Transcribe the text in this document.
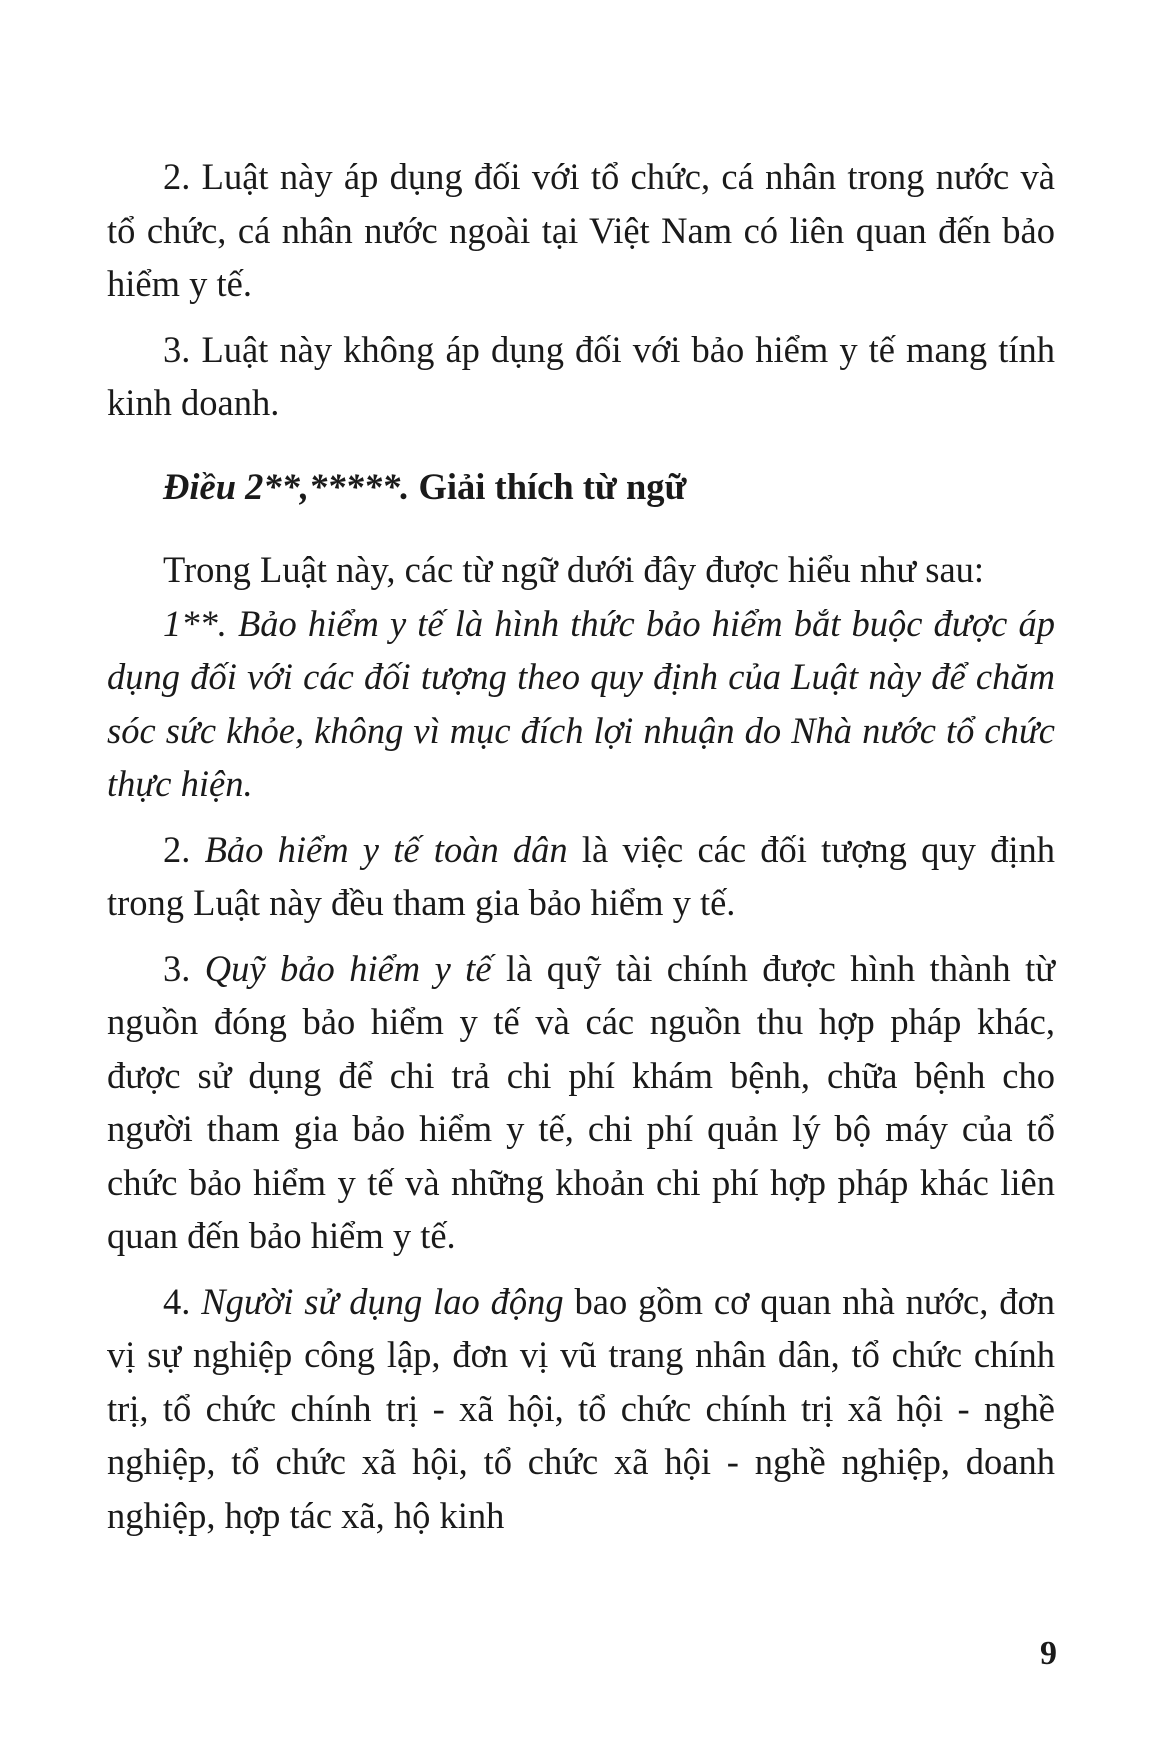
2. Luật này áp dụng đối với tổ chức, cá nhân trong nước và tổ chức, cá nhân nước ngoài tại Việt Nam có liên quan đến bảo hiểm y tế.

3. Luật này không áp dụng đối với bảo hiểm y tế mang tính kinh doanh.

Điều 2**,*****. Giải thích từ ngữ

Trong Luật này, các từ ngữ dưới đây được hiểu như sau:

1**. Bảo hiểm y tế là hình thức bảo hiểm bắt buộc được áp dụng đối với các đối tượng theo quy định của Luật này để chăm sóc sức khỏe, không vì mục đích lợi nhuận do Nhà nước tổ chức thực hiện.

2. Bảo hiểm y tế toàn dân là việc các đối tượng quy định trong Luật này đều tham gia bảo hiểm y tế.

3. Quỹ bảo hiểm y tế là quỹ tài chính được hình thành từ nguồn đóng bảo hiểm y tế và các nguồn thu hợp pháp khác, được sử dụng để chi trả chi phí khám bệnh, chữa bệnh cho người tham gia bảo hiểm y tế, chi phí quản lý bộ máy của tổ chức bảo hiểm y tế và những khoản chi phí hợp pháp khác liên quan đến bảo hiểm y tế.

4. Người sử dụng lao động bao gồm cơ quan nhà nước, đơn vị sự nghiệp công lập, đơn vị vũ trang nhân dân, tổ chức chính trị, tổ chức chính trị - xã hội, tổ chức chính trị xã hội - nghề nghiệp, tổ chức xã hội, tổ chức xã hội - nghề nghiệp, doanh nghiệp, hợp tác xã, hộ kinh

9
